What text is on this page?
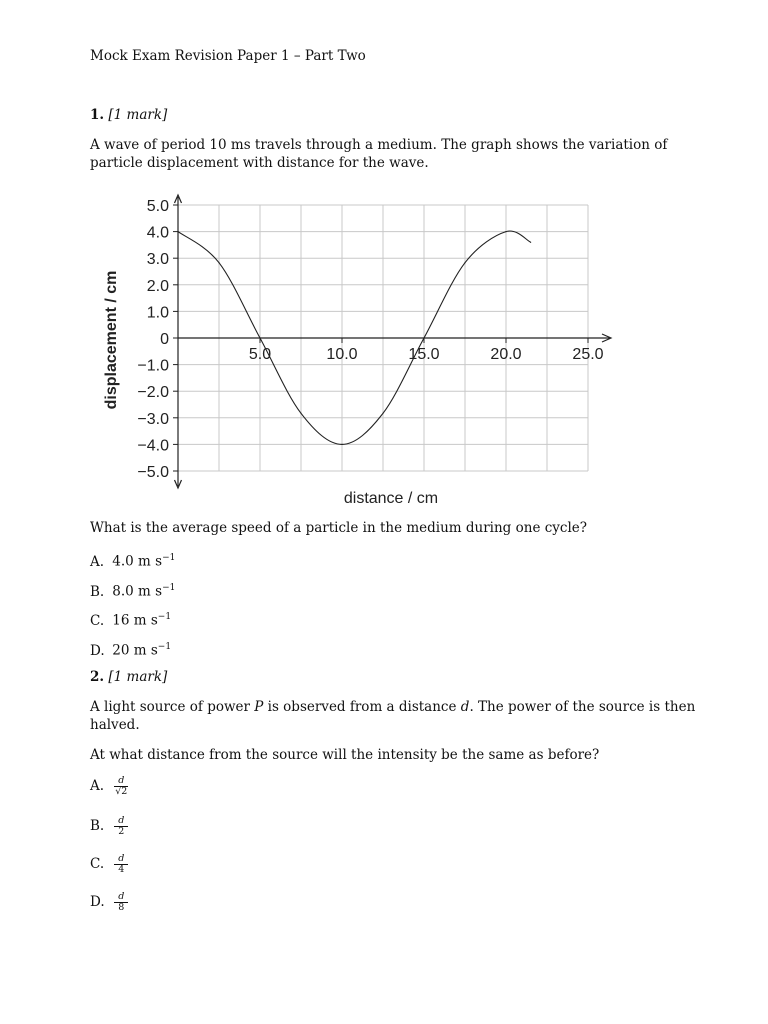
Mock Exam Revision Paper 1 – Part Two
1. [1 mark]
A wave of period 10 ms travels through a medium. The graph shows the variation of
particle displacement with distance for the wave.
5.0
4.0
3.0
2.0
1.0
0
−1.0
−2.0
−3.0
−4.0
−5.0
5.0	10.0	15.0	20.0	25.0
distance / cm
displacement / cm
What is the average speed of a particle in the medium during one cycle?
A. 4.0 m $s^{-1}$
B. 8.0 m $s^{-1}$
C. 16 m $s^{-1}$
D. 20 m $s^{-1}$
2. [1 mark]
A light source of power P is observed from a distance d. The power of the source is then
halved.
At what distance from the source will the intensity be the same as before?
A. $\frac{d}{√2}$
B. $\frac{d}{2}$
C. $\frac{d}{4}$
D. $\frac{d}{8}$
